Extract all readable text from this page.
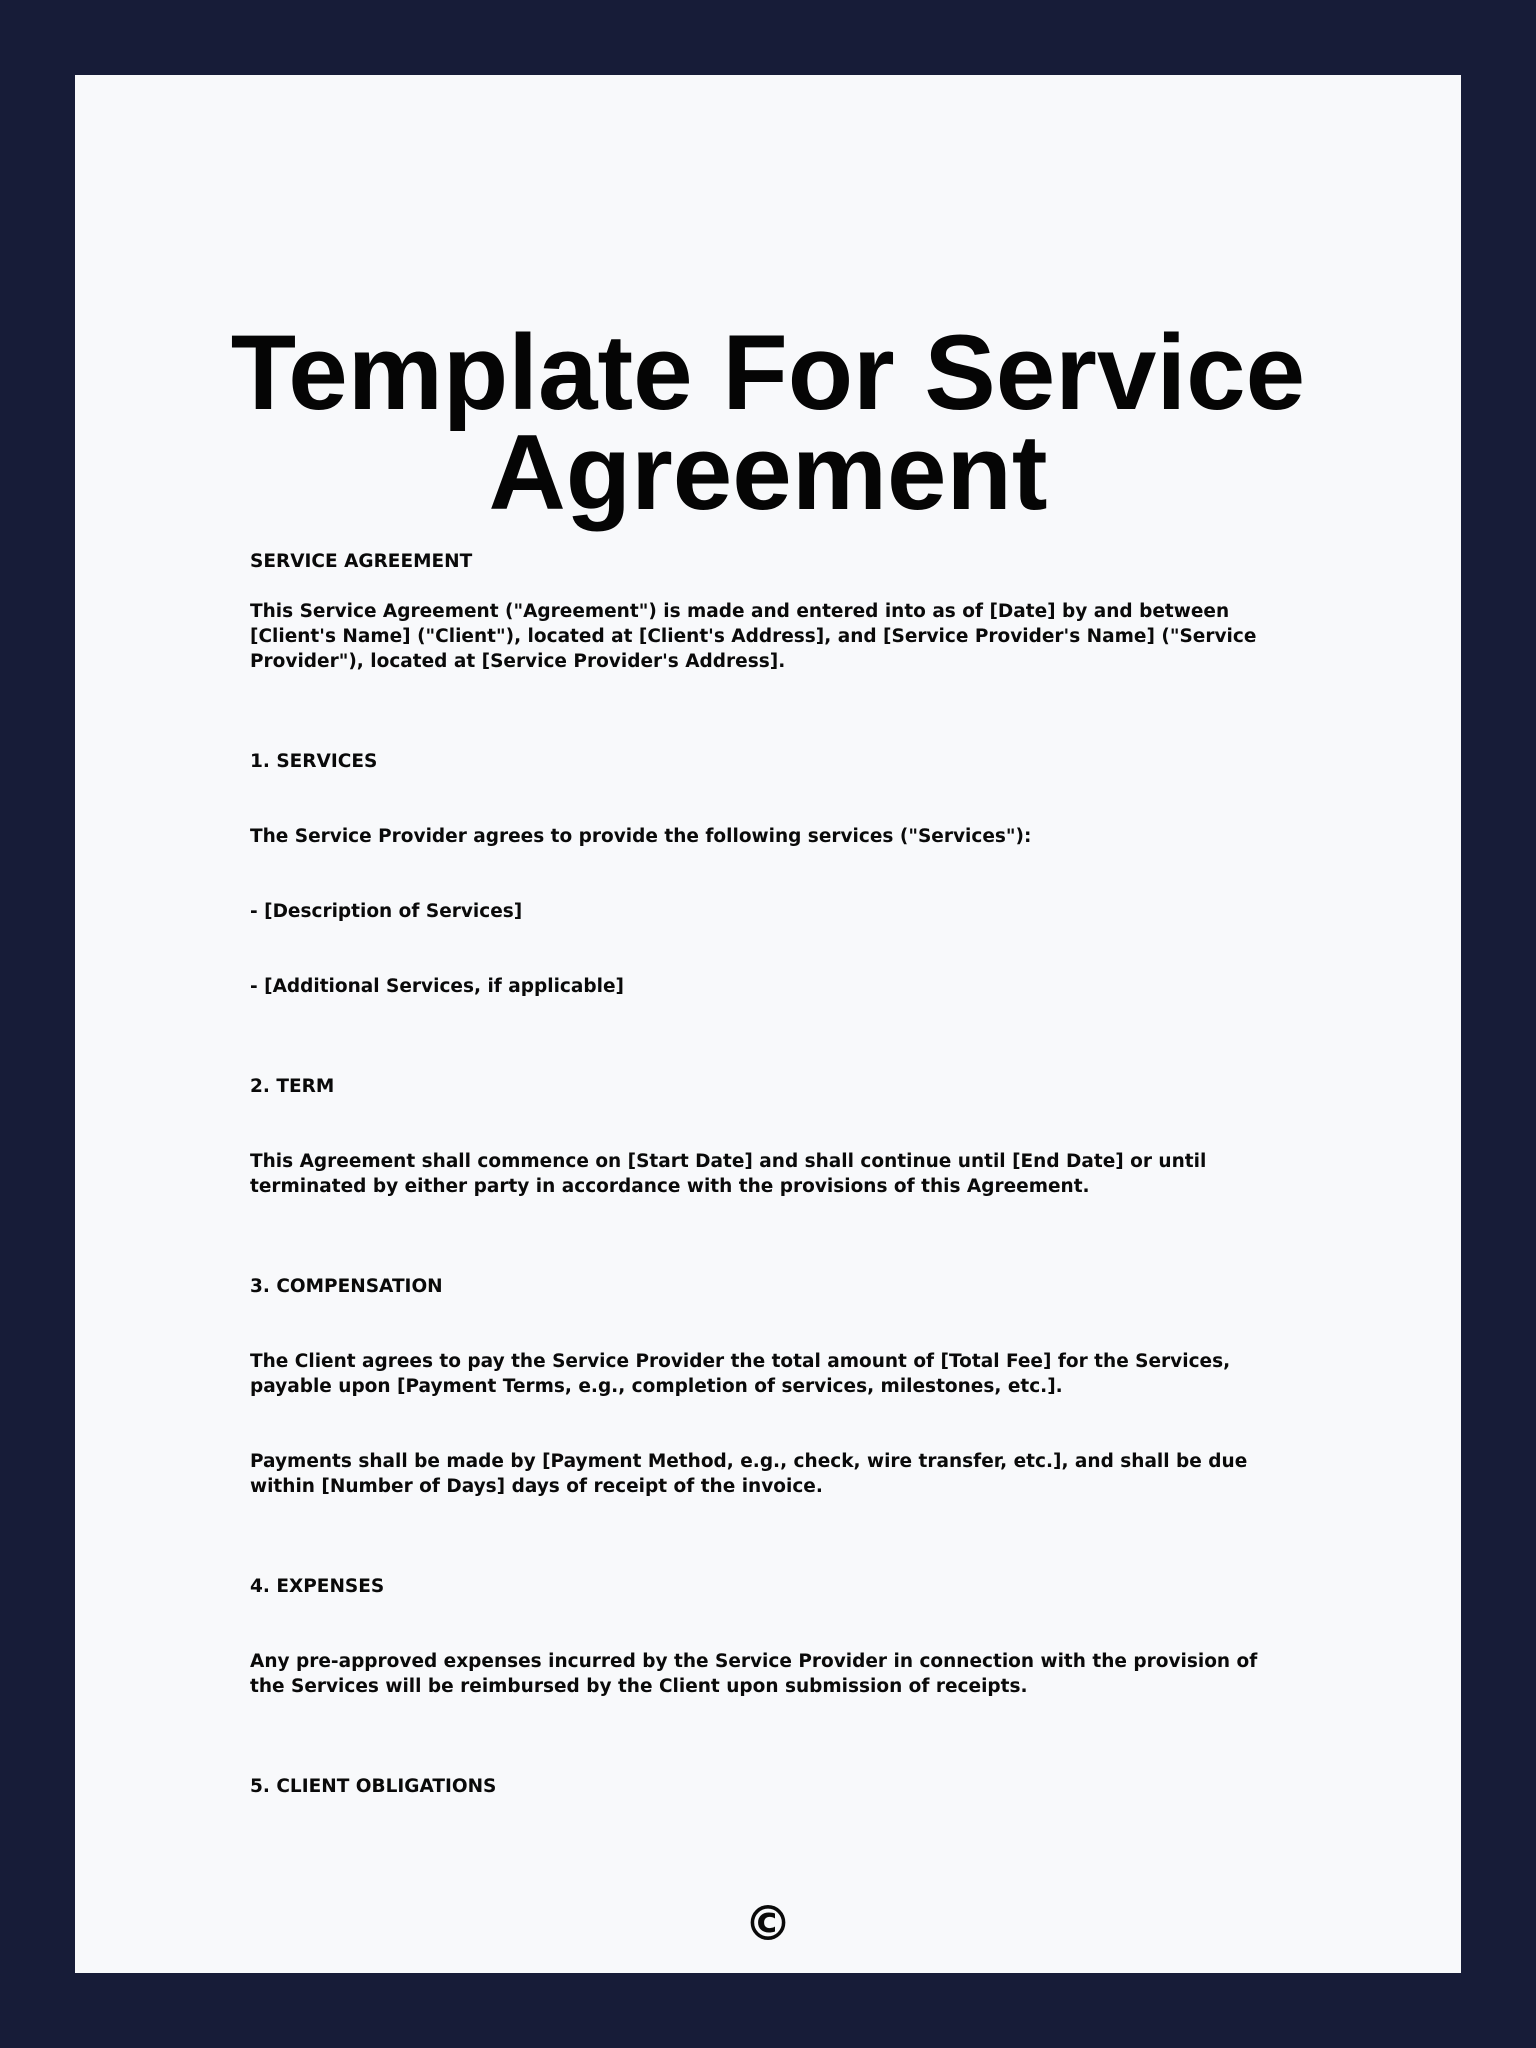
Template For Service Agreement

SERVICE AGREEMENT

This Service Agreement ("Agreement") is made and entered into as of [Date] by and between [Client's Name] ("Client"), located at [Client's Address], and [Service Provider's Name] ("Service Provider"), located at [Service Provider's Address].

1. SERVICES

The Service Provider agrees to provide the following services ("Services"):

- [Description of Services]

- [Additional Services, if applicable]

2. TERM

This Agreement shall commence on [Start Date] and shall continue until [End Date] or until terminated by either party in accordance with the provisions of this Agreement.

3. COMPENSATION

The Client agrees to pay the Service Provider the total amount of [Total Fee] for the Services, payable upon [Payment Terms, e.g., completion of services, milestones, etc.].

Payments shall be made by [Payment Method, e.g., check, wire transfer, etc.], and shall be due within [Number of Days] days of receipt of the invoice.

4. EXPENSES

Any pre-approved expenses incurred by the Service Provider in connection with the provision of the Services will be reimbursed by the Client upon submission of receipts.

5. CLIENT OBLIGATIONS

©
